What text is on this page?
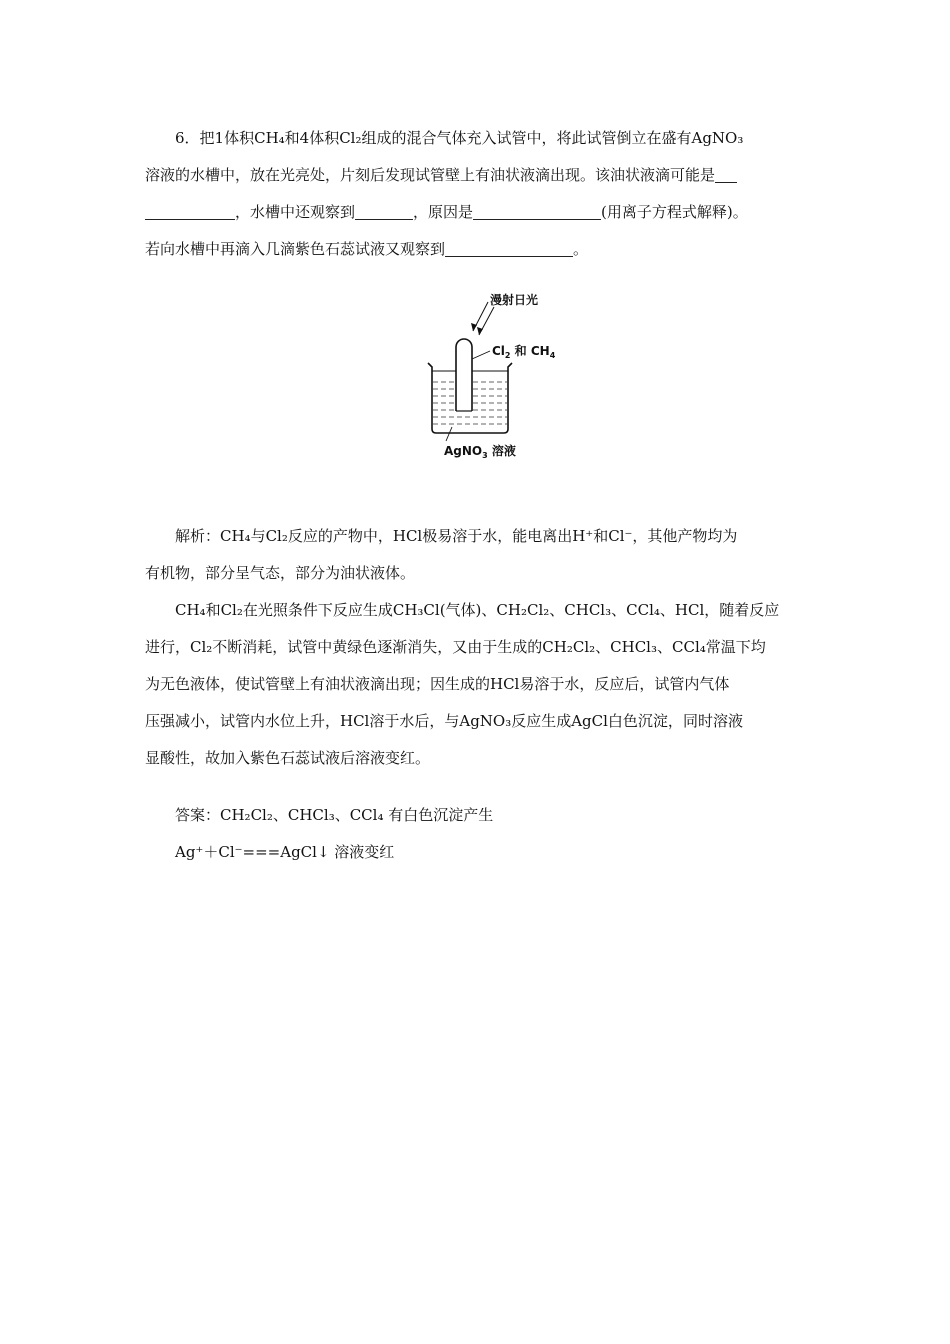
6．把1体积CH₄和4体积Cl₂组成的混合气体充入试管中，将此试管倒立在盛有AgNO₃
溶液的水槽中，放在光亮处，片刻后发现试管壁上有油状液滴出现。该油状液滴可能是
，水槽中还观察到	，原因是	(用离子方程式解释)。
若向水槽中再滴入几滴紫色石蕊试液又观察到	。
漫射日光
$Cl_2$ 和 $CH_4$
AgNO$_3$ 溶液
解析：CH₄与Cl₂反应的产物中，HCl极易溶于水，能电离出H⁺和Cl⁻，其他产物均为
有机物，部分呈气态，部分为油状液体。
CH₄和Cl₂在光照条件下反应生成CH₃Cl(气体)、CH₂Cl₂、CHCl₃、CCl₄、HCl，随着反应
进行，Cl₂不断消耗，试管中黄绿色逐渐消失，又由于生成的CH₂Cl₂、CHCl₃、CCl₄常温下均
为无色液体，使试管壁上有油状液滴出现；因生成的HCl易溶于水，反应后，试管内气体
压强减小，试管内水位上升，HCl溶于水后，与AgNO₃反应生成AgCl白色沉淀，同时溶液
显酸性，故加入紫色石蕊试液后溶液变红。
答案：CH₂Cl₂、CHCl₃、CCl₄ 有白色沉淀产生
Ag⁺＋Cl⁻===AgCl↓ 溶液变红
